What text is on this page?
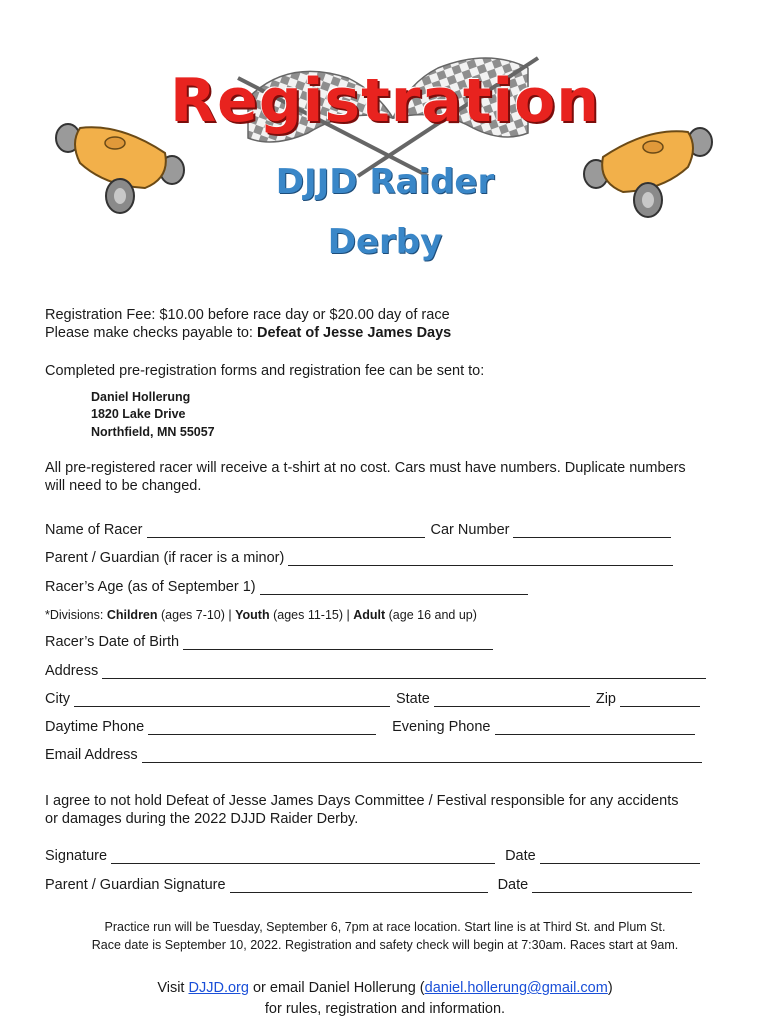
Registration
DJJD Raider
Derby
Registration Fee: $10.00 before race day or $20.00 day of race
Please make checks payable to: Defeat of Jesse James Days
Completed pre-registration forms and registration fee can be sent to:
Daniel Hollerung
1820 Lake Drive
Northfield, MN 55057
All pre-registered racer will receive a t-shirt at no cost. Cars must have numbers. Duplicate numbers
will need to be changed.
Name of Racer	Car Number
Parent / Guardian (if racer is a minor)
Racer’s Age (as of September 1)
*Divisions: Children (ages 7-10) | Youth (ages 11-15) | Adult (age 16 and up)
Racer’s Date of Birth
Address
City	State	Zip
Daytime Phone	Evening Phone
Email Address
I agree to not hold Defeat of Jesse James Days Committee / Festival responsible for any accidents
or damages during the 2022 DJJD Raider Derby.
Signature	Date
Parent / Guardian Signature	Date
Practice run will be Tuesday, September 6, 7pm at race location. Start line is at Third St. and Plum St.
Race date is September 10, 2022. Registration and safety check will begin at 7:30am. Races start at 9am.
Visit DJJD.org or email Daniel Hollerung (daniel.hollerung@gmail.com)
for rules, registration and information.
